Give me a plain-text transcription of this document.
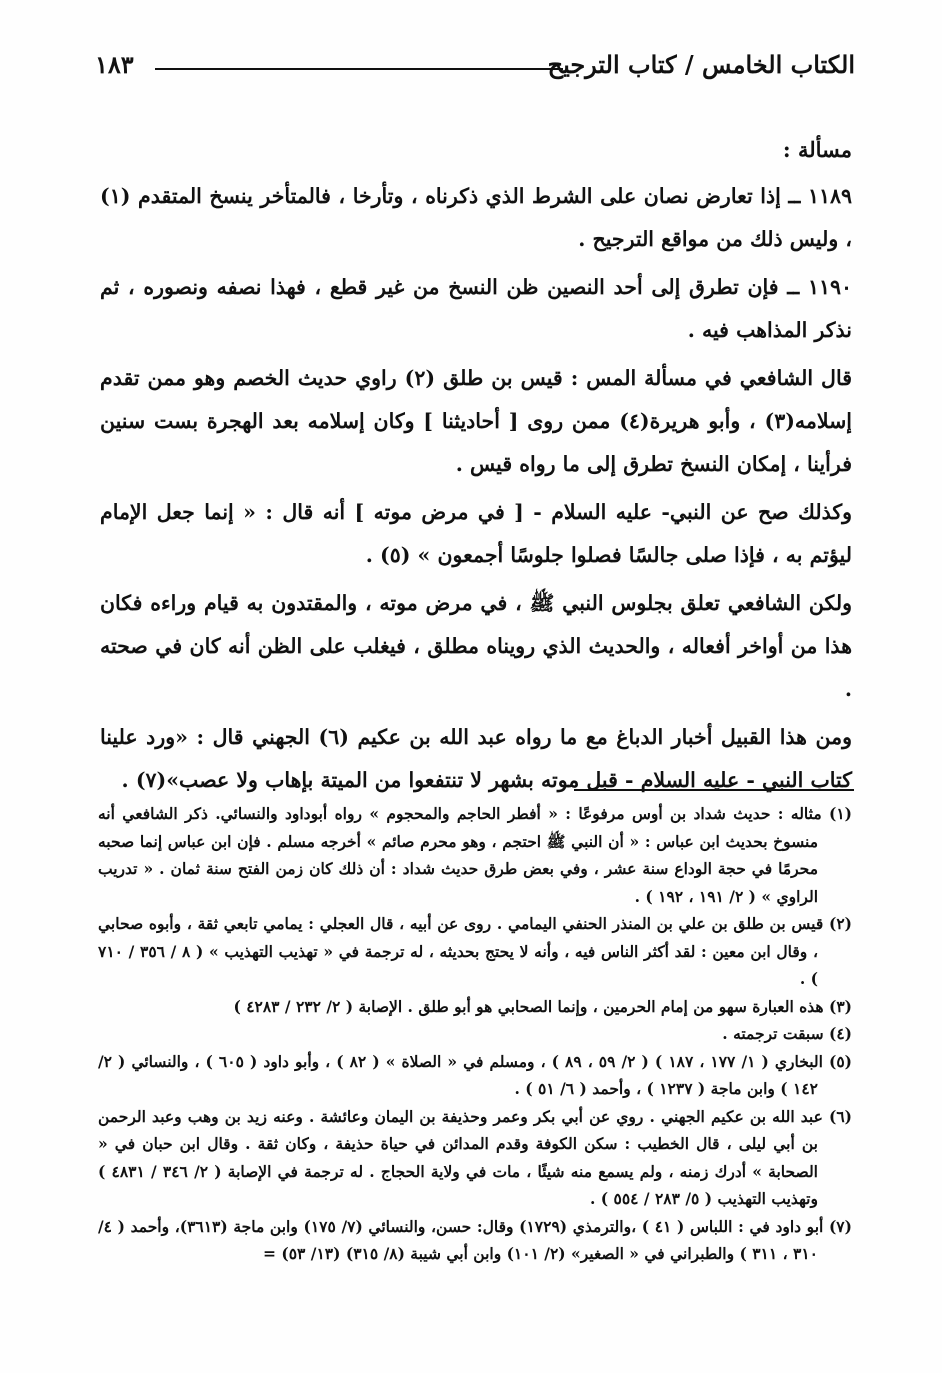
١٨٣	الكتاب الخامس / كتاب الترجيح

مسألة :

١١٨٩ ــ إذا تعارض نصان على الشرط الذي ذكرناه ، وتأرخا ، فالمتأخر ينسخ المتقدم (١) ، وليس ذلك من مواقع الترجيح .

١١٩٠ ــ فإن تطرق إلى أحد النصين ظن النسخ من غير قطع ، فهذا نصفه ونصوره ، ثم نذكر المذاهب فيه .

قال الشافعي في مسألة المس : قيس بن طلق (٢) راوي حديث الخصم وهو ممن تقدم إسلامه(٣) ، وأبو هريرة(٤) ممن روى [ أحاديثنا ] وكان إسلامه بعد الهجرة بست سنين فرأينا ، إمكان النسخ تطرق إلى ما رواه قيس .

وكذلك صح عن النبي- عليه السلام - [ في مرض موته ] أنه قال : « إنما جعل الإمام ليؤتم به ، فإذا صلى جالسًا فصلوا جلوسًا أجمعون » (٥) .

ولكن الشافعي تعلق بجلوس النبي ﷺ ، في مرض موته ، والمقتدون به قيام وراءه فكان هذا من أواخر أفعاله ، والحديث الذي رويناه مطلق ، فيغلب على الظن أنه كان في صحته .

ومن هذا القبيل أخبار الدباغ مع ما رواه عبد الله بن عكيم (٦) الجهني قال : «ورد علينا كتاب النبي - عليه السلام - قبل موته بشهر لا تنتفعوا من الميتة بإهاب ولا عصب»(٧) .

(١) مثاله : حديث شداد بن أوس مرفوعًا : « أفطر الحاجم والمحجوم » رواه أبوداود والنسائي. ذكر الشافعي أنه منسوخ بحديث ابن عباس : « أن النبي ﷺ احتجم ، وهو محرم صائم » أخرجه مسلم . فإن ابن عباس إنما صحبه محرمًا في حجة الوداع سنة عشر ، وفي بعض طرق حديث شداد : أن ذلك كان زمن الفتح سنة ثمان . « تدريب الراوي » ( ٢/ ١٩١ ، ١٩٢ ) .

(٢) قيس بن طلق بن علي بن المنذر الحنفي اليمامي . روى عن أبيه ، قال العجلي : يمامي تابعي ثقة ، وأبوه صحابي ، وقال ابن معين : لقد أكثر الناس فيه ، وأنه لا يحتج بحديثه ، له ترجمة في « تهذيب التهذيب » ( ٨ / ٣٥٦ / ٧١٠ ) .

(٣) هذه العبارة سهو من إمام الحرمين ، وإنما الصحابي هو أبو طلق . الإصابة ( ٢/ ٢٣٢ / ٤٢٨٣ )

(٤) سبقت ترجمته .

(٥) البخاري ( ١/ ١٧٧ ، ١٨٧ ) ( ٢/ ٥٩ ، ٨٩ ) ، ومسلم في « الصلاة » ( ٨٢ ) ، وأبو داود ( ٦٠٥ ) ، والنسائي ( ٢/ ١٤٢ ) وابن ماجة ( ١٢٣٧ ) ، وأحمد ( ٦/ ٥١ ) .

(٦) عبد الله بن عكيم الجهني . روي عن أبي بكر وعمر وحذيفة بن اليمان وعائشة . وعنه زيد بن وهب وعبد الرحمن بن أبي ليلى ، قال الخطيب : سكن الكوفة وقدم المدائن في حياة حذيفة ، وكان ثقة . وقال ابن حبان في « الصحابة » أدرك زمنه ، ولم يسمع منه شيئًا ، مات في ولاية الحجاج . له ترجمة في الإصابة ( ٢/ ٣٤٦ / ٤٨٣١ ) وتهذيب التهذيب ( ٥/ ٢٨٣ / ٥٥٤ ) .

(٧) أبو داود في : اللباس ( ٤١ ) ،والترمذي (١٧٢٩) وقال: حسن، والنسائي (٧/ ١٧٥) وابن ماجة (٣٦١٣)، وأحمد ( ٤/ ٣١٠ ، ٣١١ ) والطبراني في « الصغير» (٢/ ١٠١) وابن أبي شيبة (٨/ ٣١٥) (١٣/ ٥٣) =
